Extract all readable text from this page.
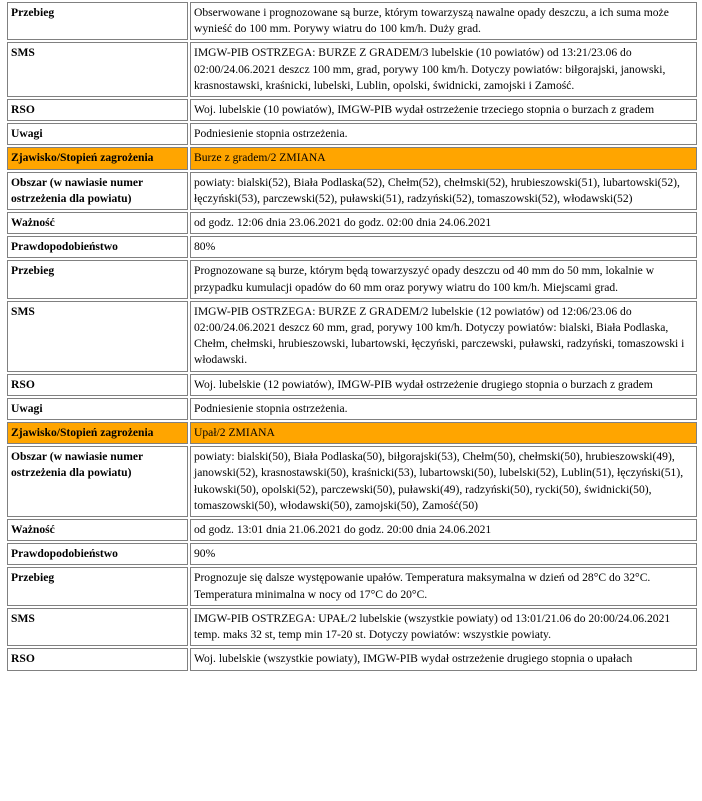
Przebieg	Obserwowane i prognozowane są burze, którym towarzyszą nawalne opady deszczu, a ich suma może wynieść do 100 mm. Porywy wiatru do 100 km/h. Duży grad.
SMS	IMGW-PIB OSTRZEGA: BURZE Z GRADEM/3 lubelskie (10 powiatów) od 13:21/23.06 do 02:00/24.06.2021 deszcz 100 mm, grad, porywy 100 km/h. Dotyczy powiatów: biłgorajski, janowski, krasnostawski, kraśnicki, lubelski, Lublin, opolski, świdnicki, zamojski i Zamość.
RSO	Woj. lubelskie (10 powiatów), IMGW-PIB wydał ostrzeżenie trzeciego stopnia o burzach z gradem
Uwagi	Podniesienie stopnia ostrzeżenia.
Zjawisko/Stopień zagrożenia	Burze z gradem/2 ZMIANA
Obszar (w nawiasie numer ostrzeżenia dla powiatu)	powiaty: bialski(52), Biała Podlaska(52), Chełm(52), chełmski(52), hrubieszowski(51), lubartowski(52), łęczyński(53), parczewski(52), puławski(51), radzyński(52), tomaszowski(52), włodawski(52)
Ważność	od godz. 12:06 dnia 23.06.2021 do godz. 02:00 dnia 24.06.2021
Prawdopodobieństwo	80%
Przebieg	Prognozowane są burze, którym będą towarzyszyć opady deszczu od 40 mm do 50 mm, lokalnie w przypadku kumulacji opadów do 60 mm oraz porywy wiatru do 100 km/h. Miejscami grad.
SMS	IMGW-PIB OSTRZEGA: BURZE Z GRADEM/2 lubelskie (12 powiatów) od 12:06/23.06 do 02:00/24.06.2021 deszcz 60 mm, grad, porywy 100 km/h. Dotyczy powiatów: bialski, Biała Podlaska, Chełm, chełmski, hrubieszowski, lubartowski, łęczyński, parczewski, puławski, radzyński, tomaszowski i włodawski.
RSO	Woj. lubelskie (12 powiatów), IMGW-PIB wydał ostrzeżenie drugiego stopnia o burzach z gradem
Uwagi	Podniesienie stopnia ostrzeżenia.
Zjawisko/Stopień zagrożenia	Upał/2 ZMIANA
Obszar (w nawiasie numer ostrzeżenia dla powiatu)	powiaty: bialski(50), Biała Podlaska(50), biłgorajski(53), Chełm(50), chełmski(50), hrubieszowski(49), janowski(52), krasnostawski(50), kraśnicki(53), lubartowski(50), lubelski(52), Lublin(51), łęczyński(51), łukowski(50), opolski(52), parczewski(50), puławski(49), radzyński(50), rycki(50), świdnicki(50), tomaszowski(50), włodawski(50), zamojski(50), Zamość(50)
Ważność	od godz. 13:01 dnia 21.06.2021 do godz. 20:00 dnia 24.06.2021
Prawdopodobieństwo	90%
Przebieg	Prognozuje się dalsze występowanie upałów. Temperatura maksymalna w dzień od 28°C do 32°C. Temperatura minimalna w nocy od 17°C do 20°C.
SMS	IMGW-PIB OSTRZEGA: UPAŁ/2 lubelskie (wszystkie powiaty) od 13:01/21.06 do 20:00/24.06.2021 temp. maks 32 st, temp min 17-20 st. Dotyczy powiatów: wszystkie powiaty.
RSO	Woj. lubelskie (wszystkie powiaty), IMGW-PIB wydał ostrzeżenie drugiego stopnia o upałach
